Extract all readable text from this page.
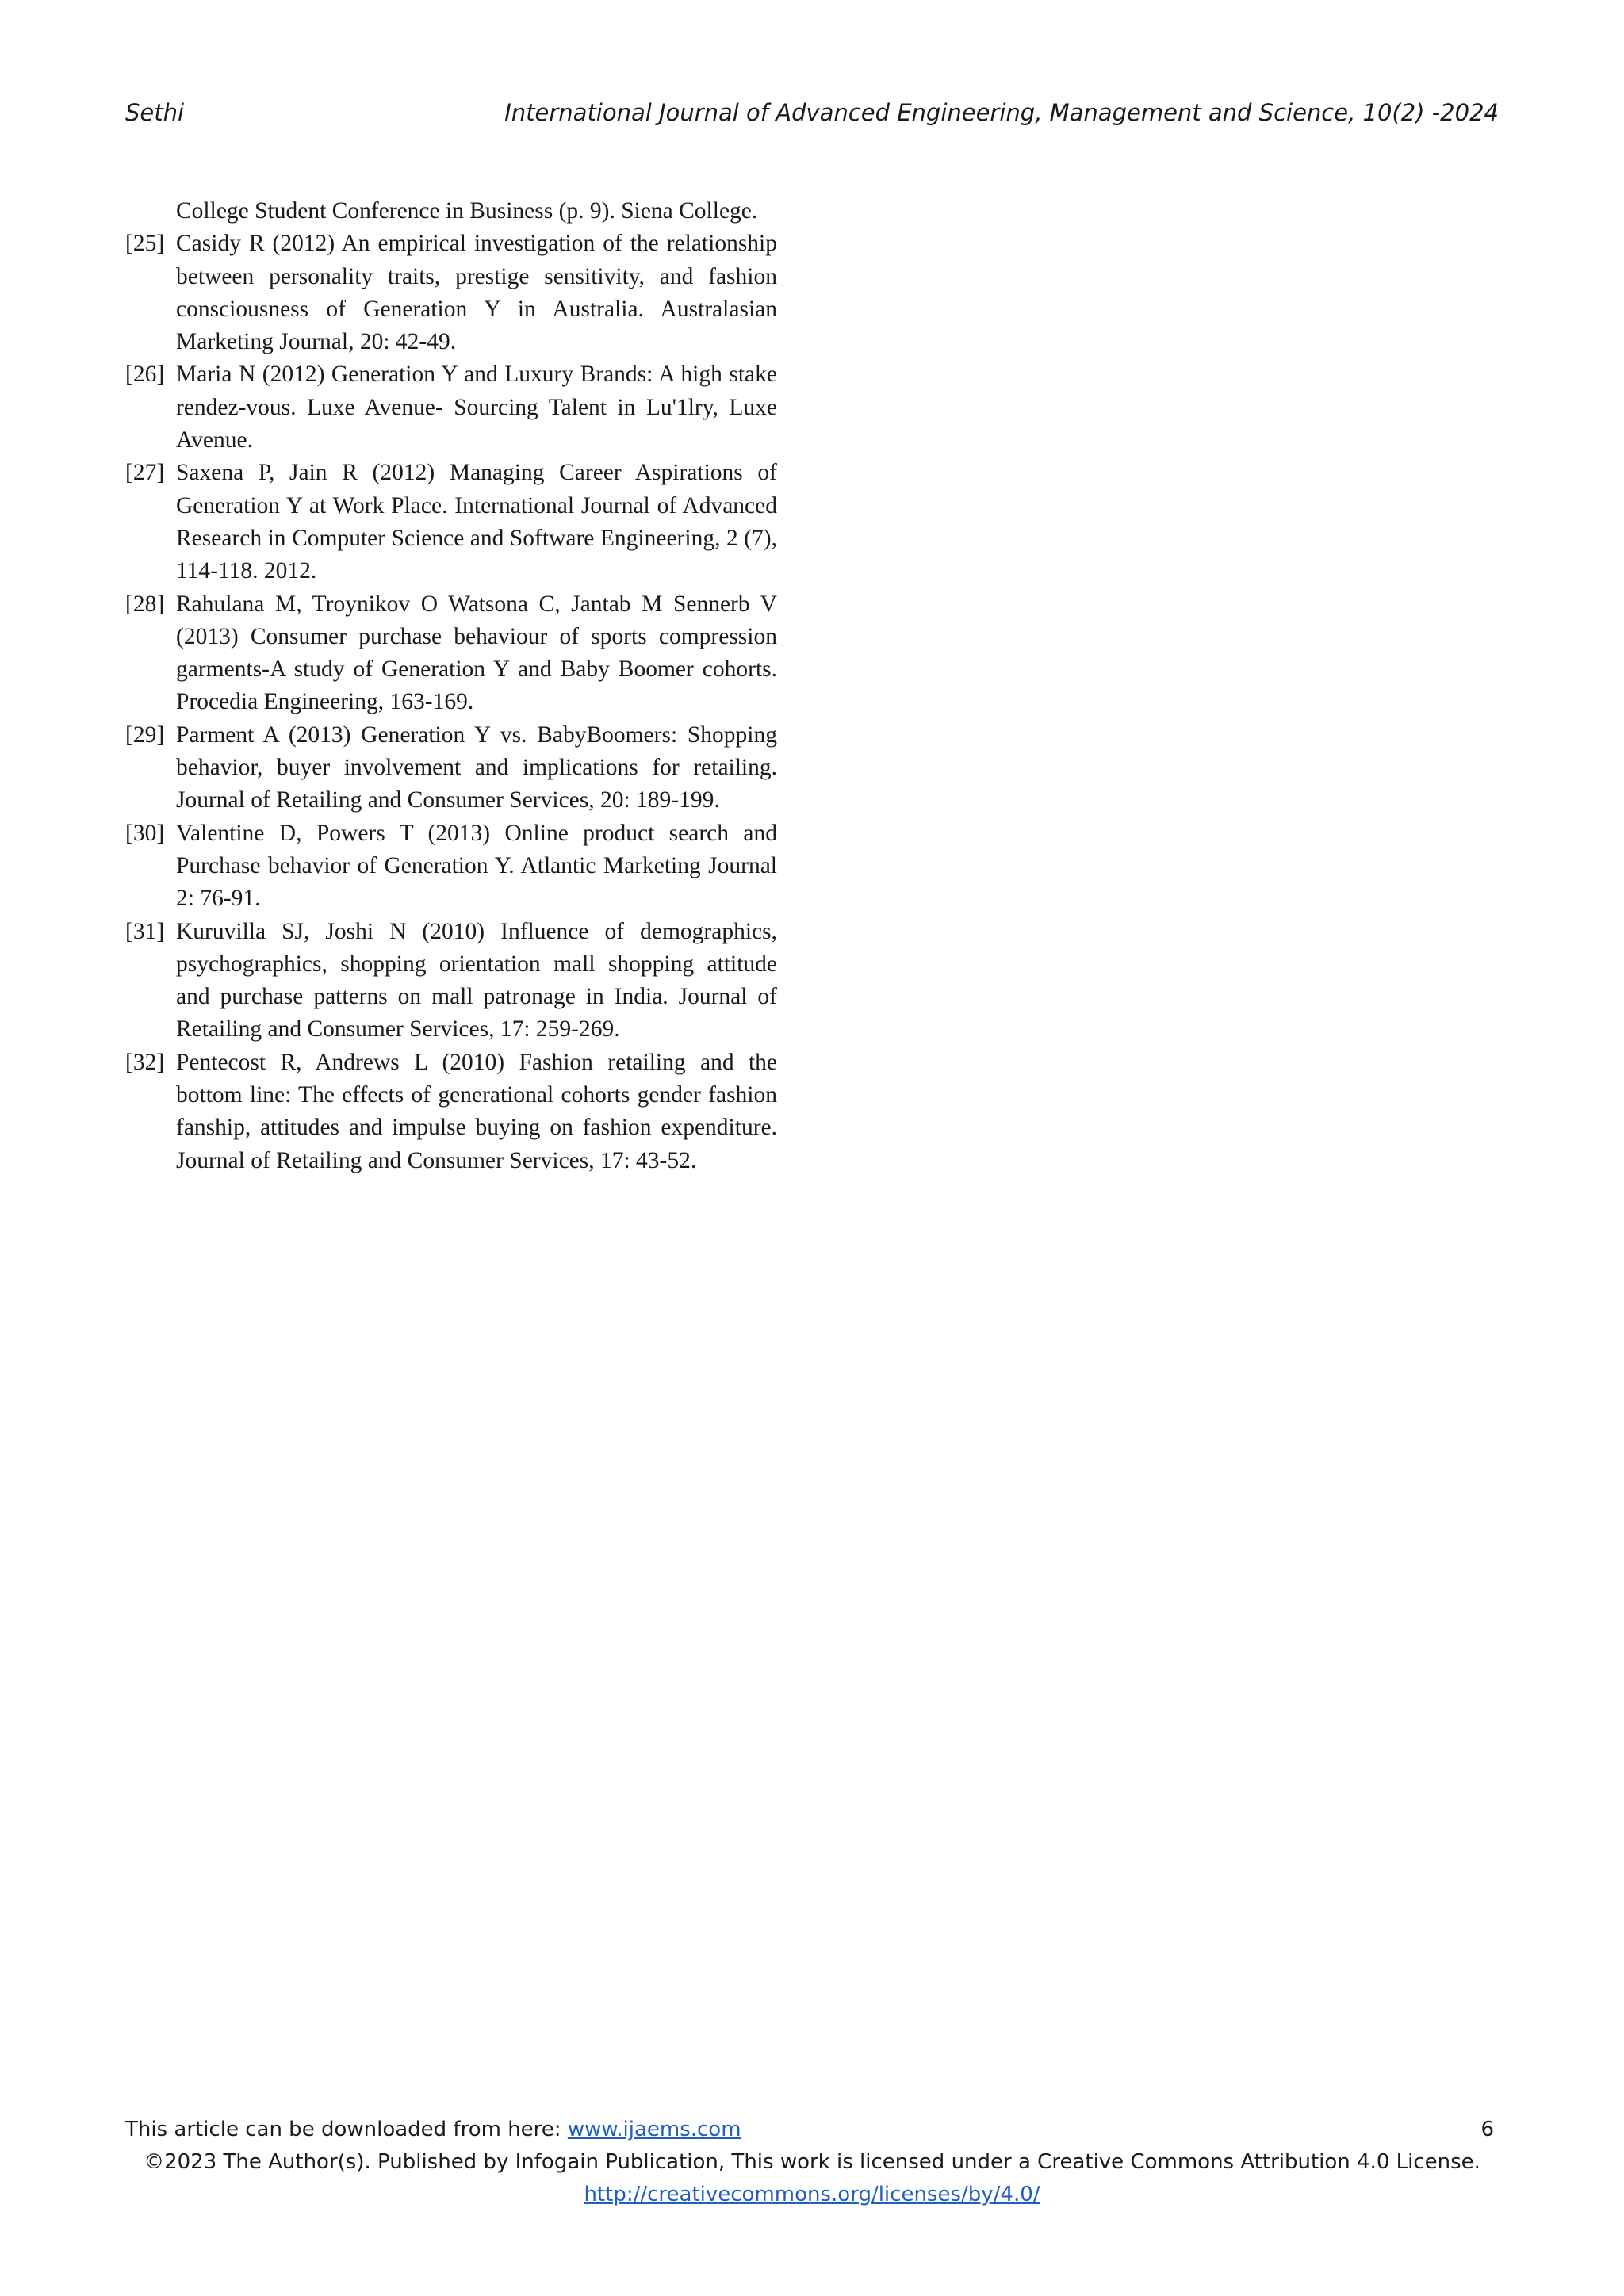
Sethi	International Journal of Advanced Engineering, Management and Science, 10(2) -2024
College Student Conference in Business (p. 9). Siena College.
[25] Casidy R (2012) An empirical investigation of the relationship between personality traits, prestige sensitivity, and fashion consciousness of Generation Y in Australia. Australasian Marketing Journal, 20: 42-49.
[26] Maria N (2012) Generation Y and Luxury Brands: A high stake rendez-vous. Luxe Avenue- Sourcing Talent in Lu'1lry, Luxe Avenue.
[27] Saxena P, Jain R (2012) Managing Career Aspirations of Generation Y at Work Place. International Journal of Advanced Research in Computer Science and Software Engineering, 2 (7), 114-118. 2012.
[28] Rahulana M, Troynikov O Watsona C, Jantab M Sennerb V (2013) Consumer purchase behaviour of sports compression garments-A study of Generation Y and Baby Boomer cohorts. Procedia Engineering, 163-169.
[29] Parment A (2013) Generation Y vs. BabyBoomers: Shopping behavior, buyer involvement and implications for retailing. Journal of Retailing and Consumer Services, 20: 189-199.
[30] Valentine D, Powers T (2013) Online product search and Purchase behavior of Generation Y. Atlantic Marketing Journal 2: 76-91.
[31] Kuruvilla SJ, Joshi N (2010) Influence of demographics, psychographics, shopping orientation mall shopping attitude and purchase patterns on mall patronage in India. Journal of Retailing and Consumer Services, 17: 259-269.
[32] Pentecost R, Andrews L (2010) Fashion retailing and the bottom line: The effects of generational cohorts gender fashion fanship, attitudes and impulse buying on fashion expenditure. Journal of Retailing and Consumer Services, 17: 43-52.
This article can be downloaded from here: www.ijaems.com	6
©2023 The Author(s). Published by Infogain Publication, This work is licensed under a Creative Commons Attribution 4.0 License.
http://creativecommons.org/licenses/by/4.0/
